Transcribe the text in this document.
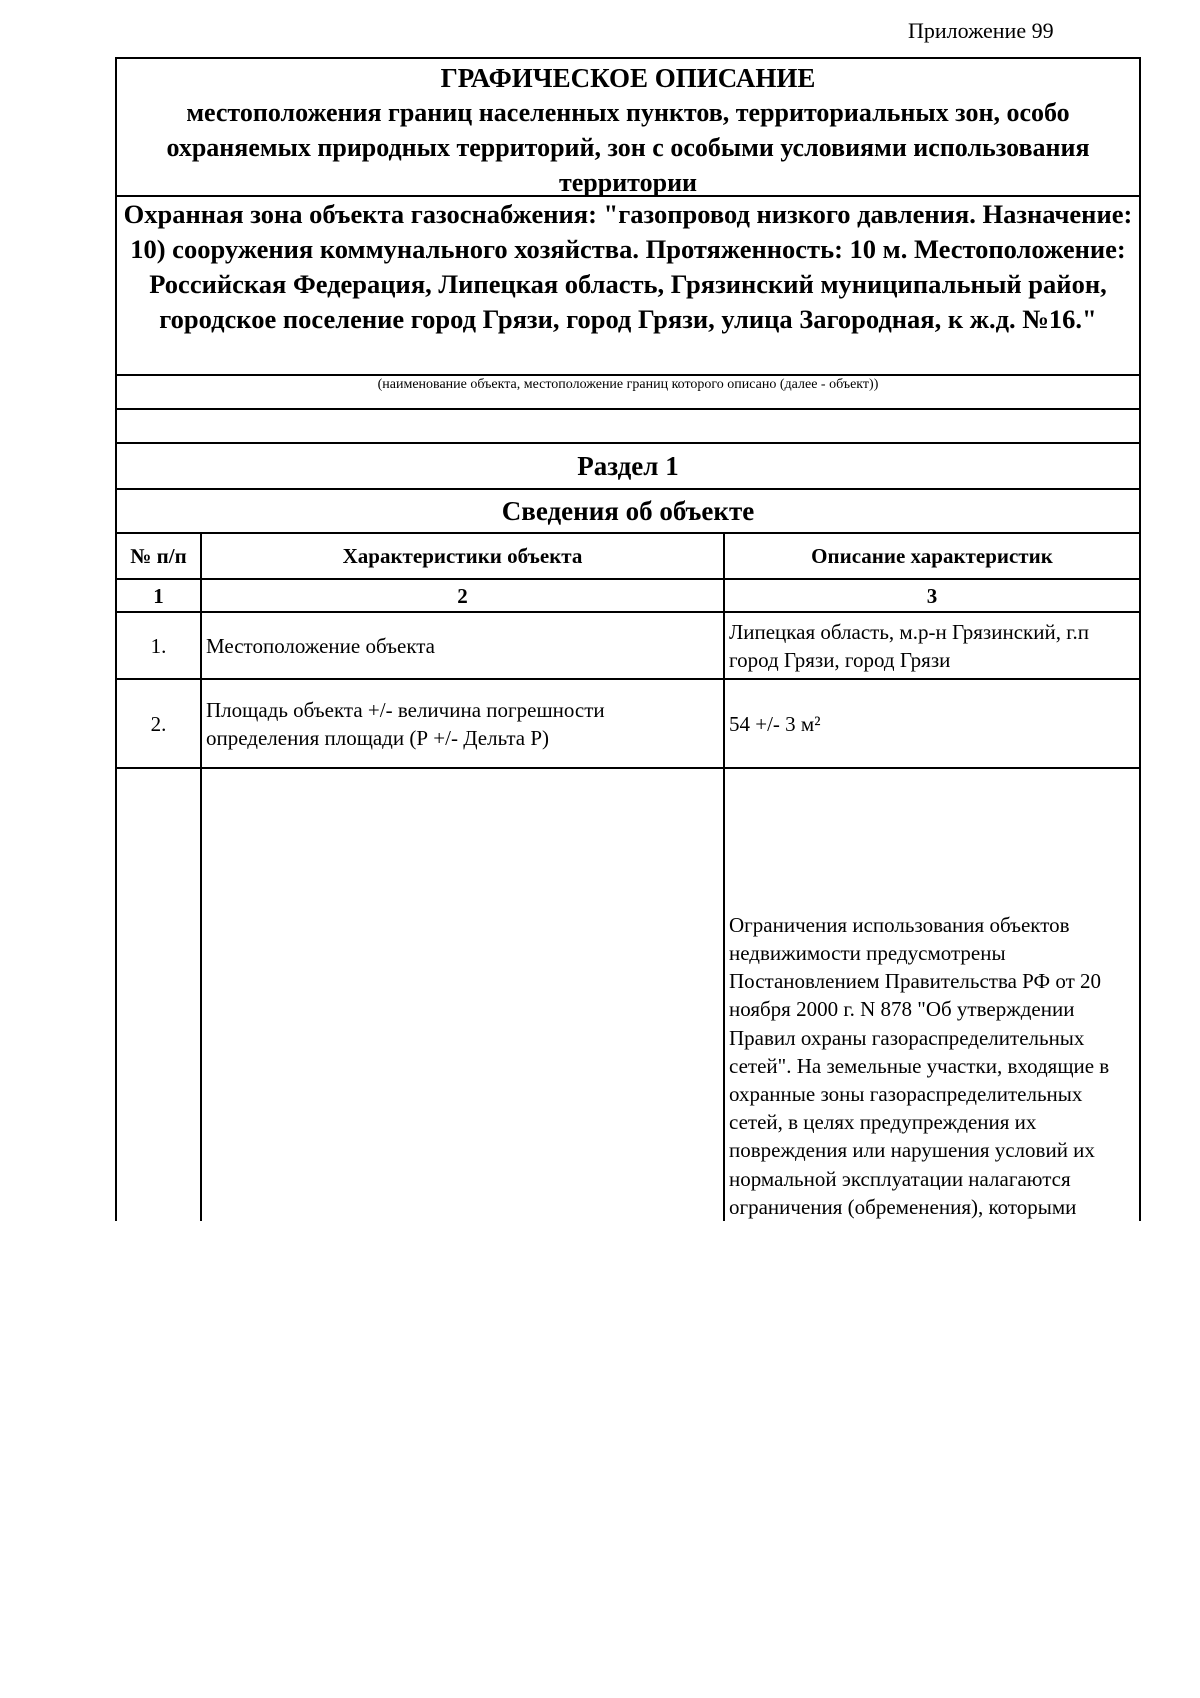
Приложение 99
ГРАФИЧЕСКОЕ ОПИСАНИЕ
местоположения границ населенных пунктов, территориальных зон, особо охраняемых природных территорий, зон с особыми условиями использования территории
Охранная зона объекта газоснабжения: "газопровод низкого давления. Назначение: 10) сооружения коммунального хозяйства. Протяженность: 10 м. Местоположение: Российская Федерация, Липецкая область, Грязинский муниципальный район, городское поселение город Грязи, город Грязи, улица Загородная, к ж.д. №16."
(наименование объекта, местоположение границ которого описано (далее - объект))
Раздел 1
Сведения об объекте
№ п/п	Характеристики объекта	Описание характеристик
1	2	3
1.	Местоположение объекта	Липецкая область, м.р-н Грязинский, г.п город Грязи, город Грязи
2.	Площадь объекта +/- величина погрешности определения площади (Р +/- Дельта Р)	54 +/- 3 м²
		Ограничения использования объектов недвижимости предусмотрены Постановлением Правительства РФ от 20 ноября 2000 г. N 878 "Об утверждении Правил охраны газораспределительных сетей". На земельные участки, входящие в охранные зоны газораспределительных сетей, в целях предупреждения их повреждения или нарушения условий их нормальной эксплуатации налагаются ограничения (обременения), которыми
